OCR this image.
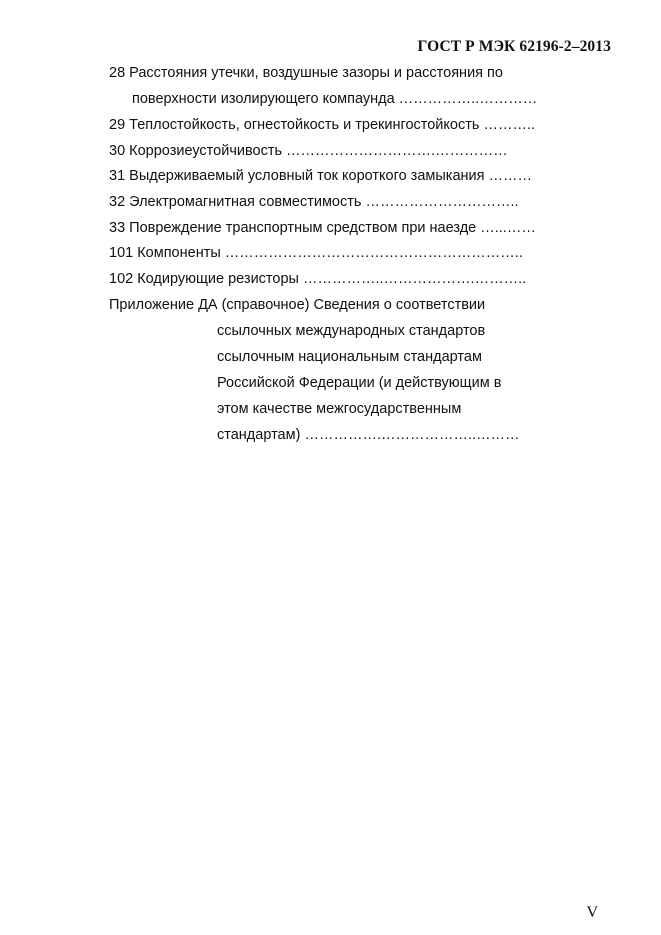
ГОСТ Р МЭК 62196-2–2013
28 Расстояния утечки, воздушные зазоры и расстояния по
поверхности изолирующего компаунда ……………..…………
29 Теплостойкость, огнестойкость и трекингостойкость ………..
30 Коррозиеустойчивость ………………………….……………
31 Выдерживаемый условный ток короткого замыкания ………
32 Электромагнитная совместимость …………………………..
33 Повреждение транспортным средством при наезде …...……
101 Компоненты ……………………………………………………..
102 Кодирующие резисторы ……………..……………….………..
Приложение ДА (справочное) Сведения о соответствии
ссылочных международных стандартов
ссылочным национальным стандартам
Российской Федерации (и действующим в
этом качестве межгосударственным
стандартам) …………….………………..………
V
